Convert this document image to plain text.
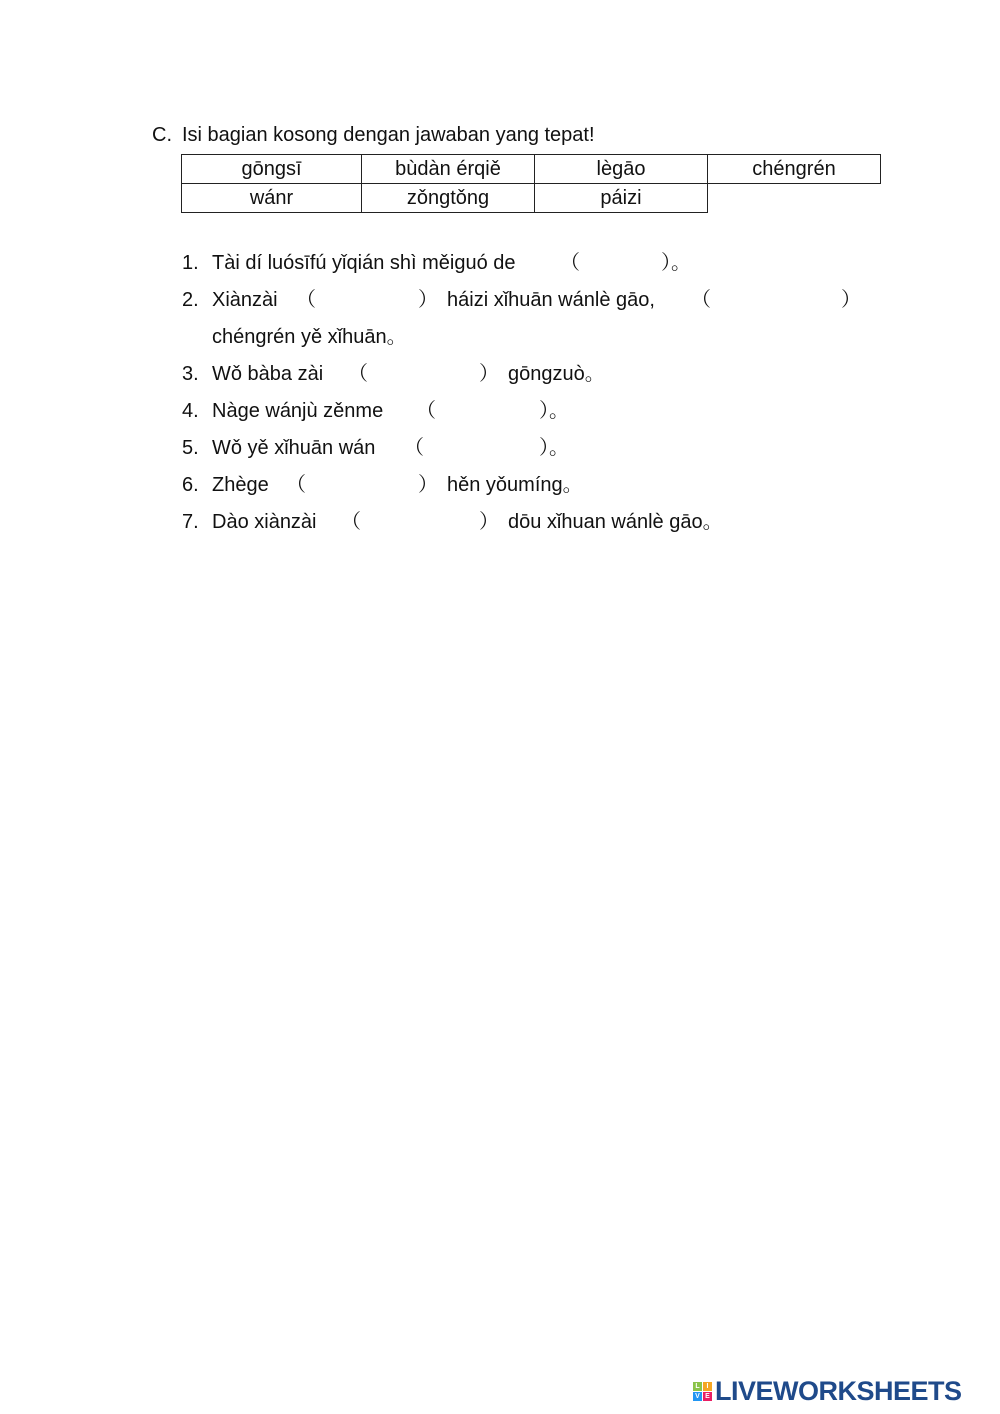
C. Isi bagian kosong dengan jawaban yang tepat!
gōngsī	bùdàn érqiě	lègāo	chéngrén
wánr	zǒngtǒng	páizi	
1. Tài dí luósīfú yǐqián shì měiguó de （	）。
2. Xiànzài （	） háizi xǐhuān wánlè gāo, （	）
chéngrén yě xǐhuān。
3. Wǒ bàba zài （	） gōngzuò。
4. Nàge wánjù zěnme （	）。
5. Wǒ yě xǐhuān wán （	）。
6. Zhège （	） hěn yǒumíng。
7. Dào xiànzài （	） dōu xǐhuan wánlè gāo。
L I
V E LIVEWORKSHEETS
